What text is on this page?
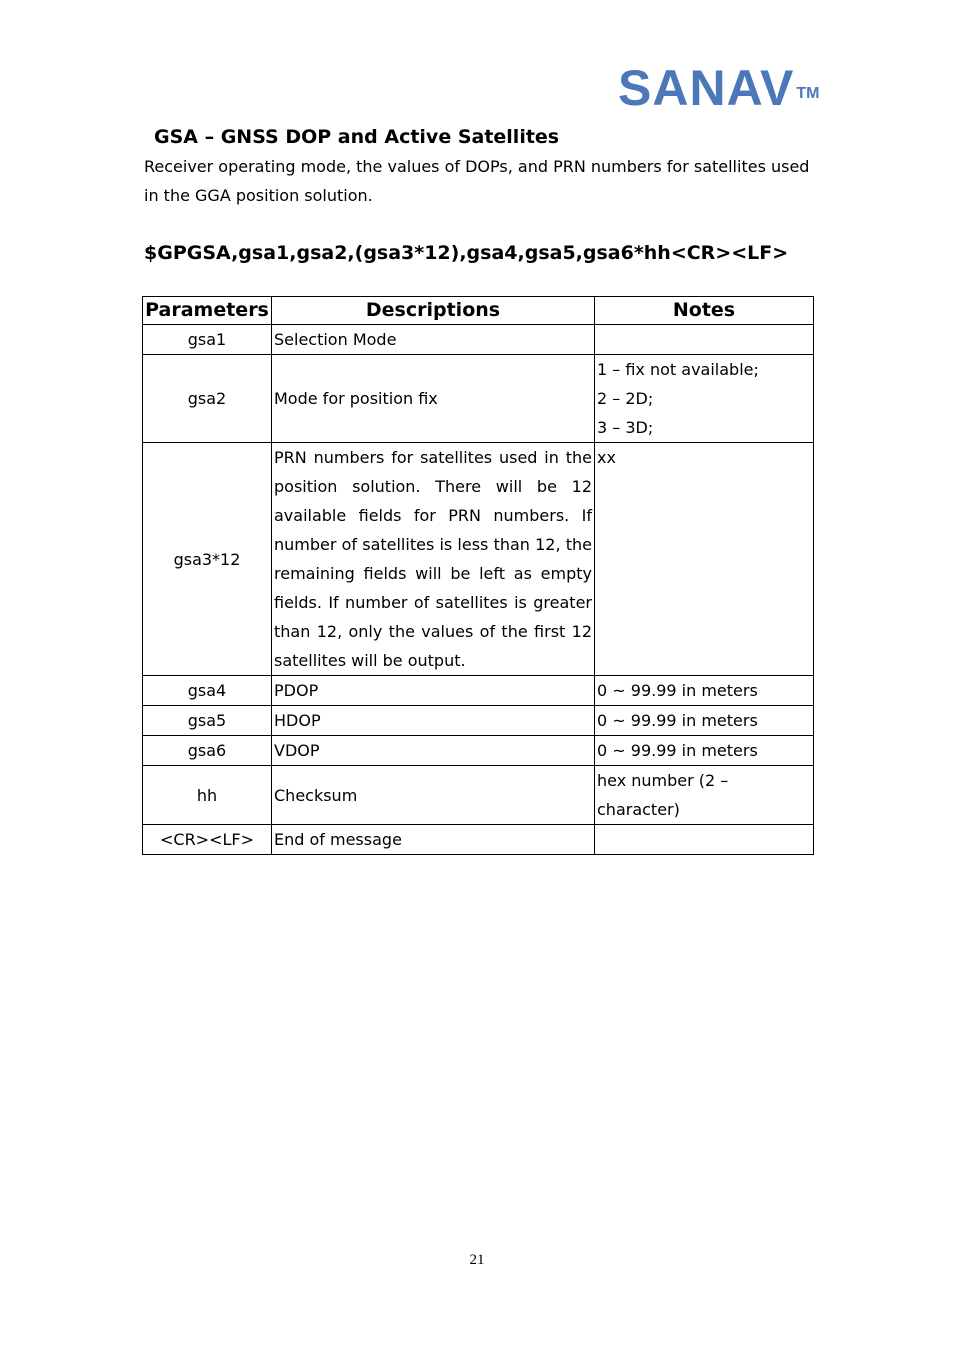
SANAV ™
GSA – GNSS DOP and Active Satellites

Receiver operating mode, the values of DOPs, and PRN numbers for satellites used in the GGA position solution.

$GPGSA,gsa1,gsa2,(gsa3*12),gsa4,gsa5,gsa6*hh<CR><LF>

Parameters	Descriptions	Notes
gsa1	Selection Mode	
gsa2	Mode for position fix	1 – fix not available;
2 – 2D;
3 – 3D;

gsa3*12	PRN numbers for satellites used in the position solution. There will be 12 available fields for PRN numbers. If number of satellites is less than 12, the remaining fields will be left as empty fields. If number of satellites is greater than 12, only the values of the first 12 satellites will be output.	xx

gsa4	PDOP	0 ~ 99.99 in meters

gsa5	HDOP	0 ~ 99.99 in meters

gsa6	VDOP	0 ~ 99.99 in meters

hh	Checksum	hex number (2 –
character)

<CR><LF>	End of message	
21
